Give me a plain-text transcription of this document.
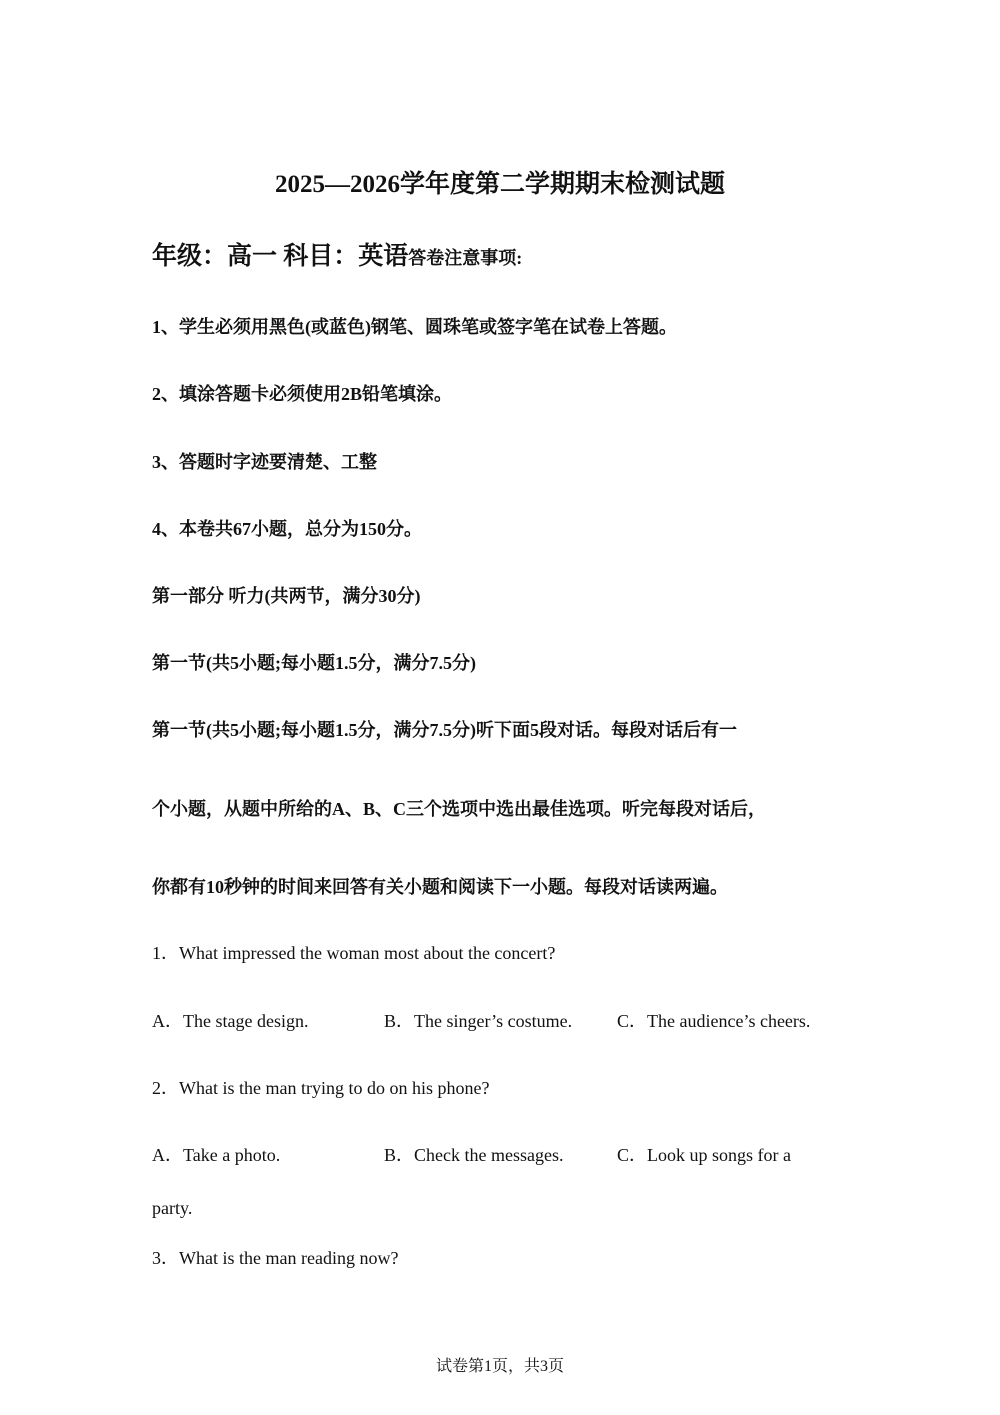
2025—2026学年度第二学期期末检测试题
年级：高一 科目：英语答卷注意事项:
1、学生必须用黑色(或蓝色)钢笔、圆珠笔或签字笔在试卷上答题。
2、填涂答题卡必须使用2B铅笔填涂。
3、答题时字迹要清楚、工整
4、本卷共67小题，总分为150分。
第一部分 听力(共两节，满分30分)
第一节(共5小题;每小题1.5分，满分7.5分)
第一节(共5小题;每小题1.5分，满分7.5分)听下面5段对话。每段对话后有一
个小题，从题中所给的A、B、C三个选项中选出最佳选项。听完每段对话后，
你都有10秒钟的时间来回答有关小题和阅读下一小题。每段对话读两遍。
1．What impressed the woman most about the concert?
A．The stage design.	B．The singer’s costume. C．The audience’s cheers.
2．What is the man trying to do on his phone?
A．Take a photo.	B．Check the messages.	C．Look up songs for a
party.
3．What is the man reading now?
试卷第1页，共3页
